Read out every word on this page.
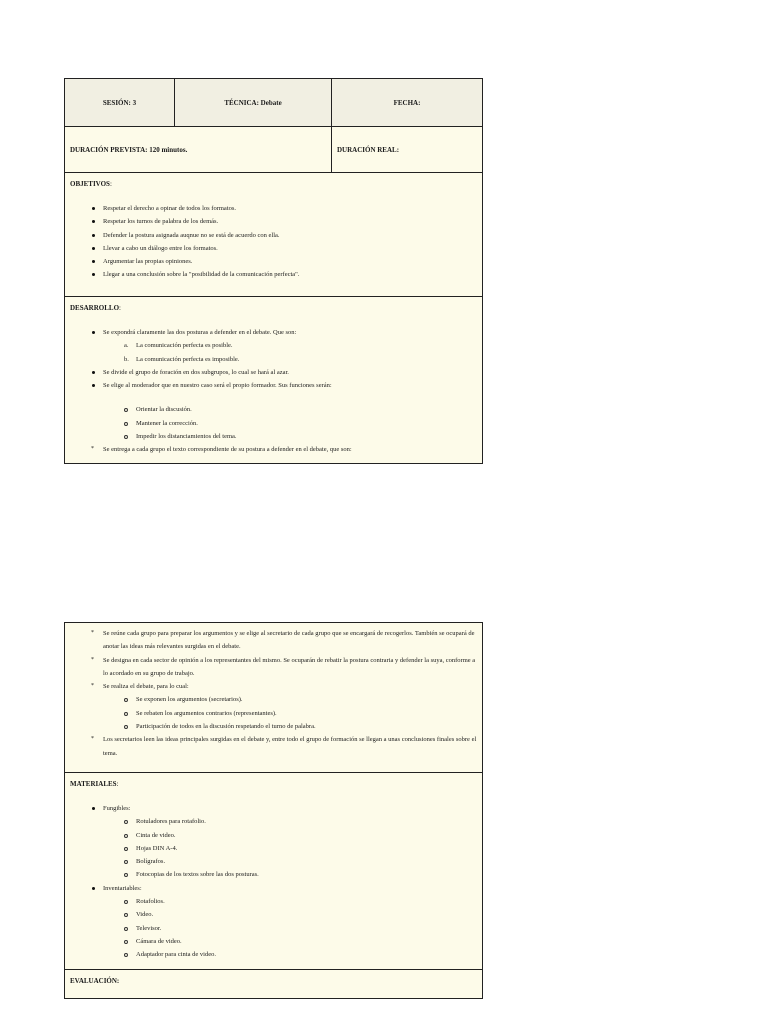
SESIÓN: 3	TÉCNICA: Debate	FECHA:
DURACIÓN PREVISTA: 120 minutos.	DURACIÓN REAL:
OBJETIVOS:
Respetar el derecho a opinar de todos los formatos.
Respetar los turnos de palabra de los demás.
Defender la postura asignada auqnue no se está de acuerdo con ella.
Llevar a cabo un diálogo entre los formatos.
Argumentar las propias opiniones.
Llegar a una conclusión sobre la "posibilidad de la comunicación perfecta".
DESARROLLO:
Se expondrá claramente las dos posturas a defender en el debate. Que son:
a. La comunicación perfecta es posible.
b. La comunicación perfecta es imposible.
Se divide el grupo de foración en dos subgrupos, lo cual se hará al azar.
Se elige al moderador que en nuestro caso será el propio formador. Sus funciones serán:
Orientar la discusión.
Mantener la corrección.
Impedir los distanciamientos del tema.
* Se entrega a cada grupo el texto correspondiente de su postura a defender en el debate, que son:
* Se reúne cada grupo para preparar los argumentos y se elige al secretario de cada grupo que se encargará de recogerlos. También se ocupará de anotar las ideas más relevantes surgidas en el debate.
* Se designa en cada sector de opinión a los representantes del mismo. Se ocuparán de rebatir la postura contraria y defender la suya, conforme a lo acordado en su grupo de trabajo.
* Se realiza el debate, para lo cual:
Se exponen los argumentos (secretarios).
Se rebaten los argumentos contrarios (representantes).
Participación de todos en la discusión respetando el turno de palabra.
* Los secretarios leen las ideas principales surgidas en el debate y, entre todo el grupo de formación se llegan a unas conclusiones finales sobre el tema.
MATERIALES:
Fungibles:
Rotuladores para rotafolio.
Cinta de video.
Hojas DIN A-4.
Bolígrafos.
Fotocopias de los textos sobre las dos posturas.
Inventariables:
Rotafolios.
Video.
Televisor.
Cámara de video.
Adaptador para cinta de video.
EVALUACIÓN:
